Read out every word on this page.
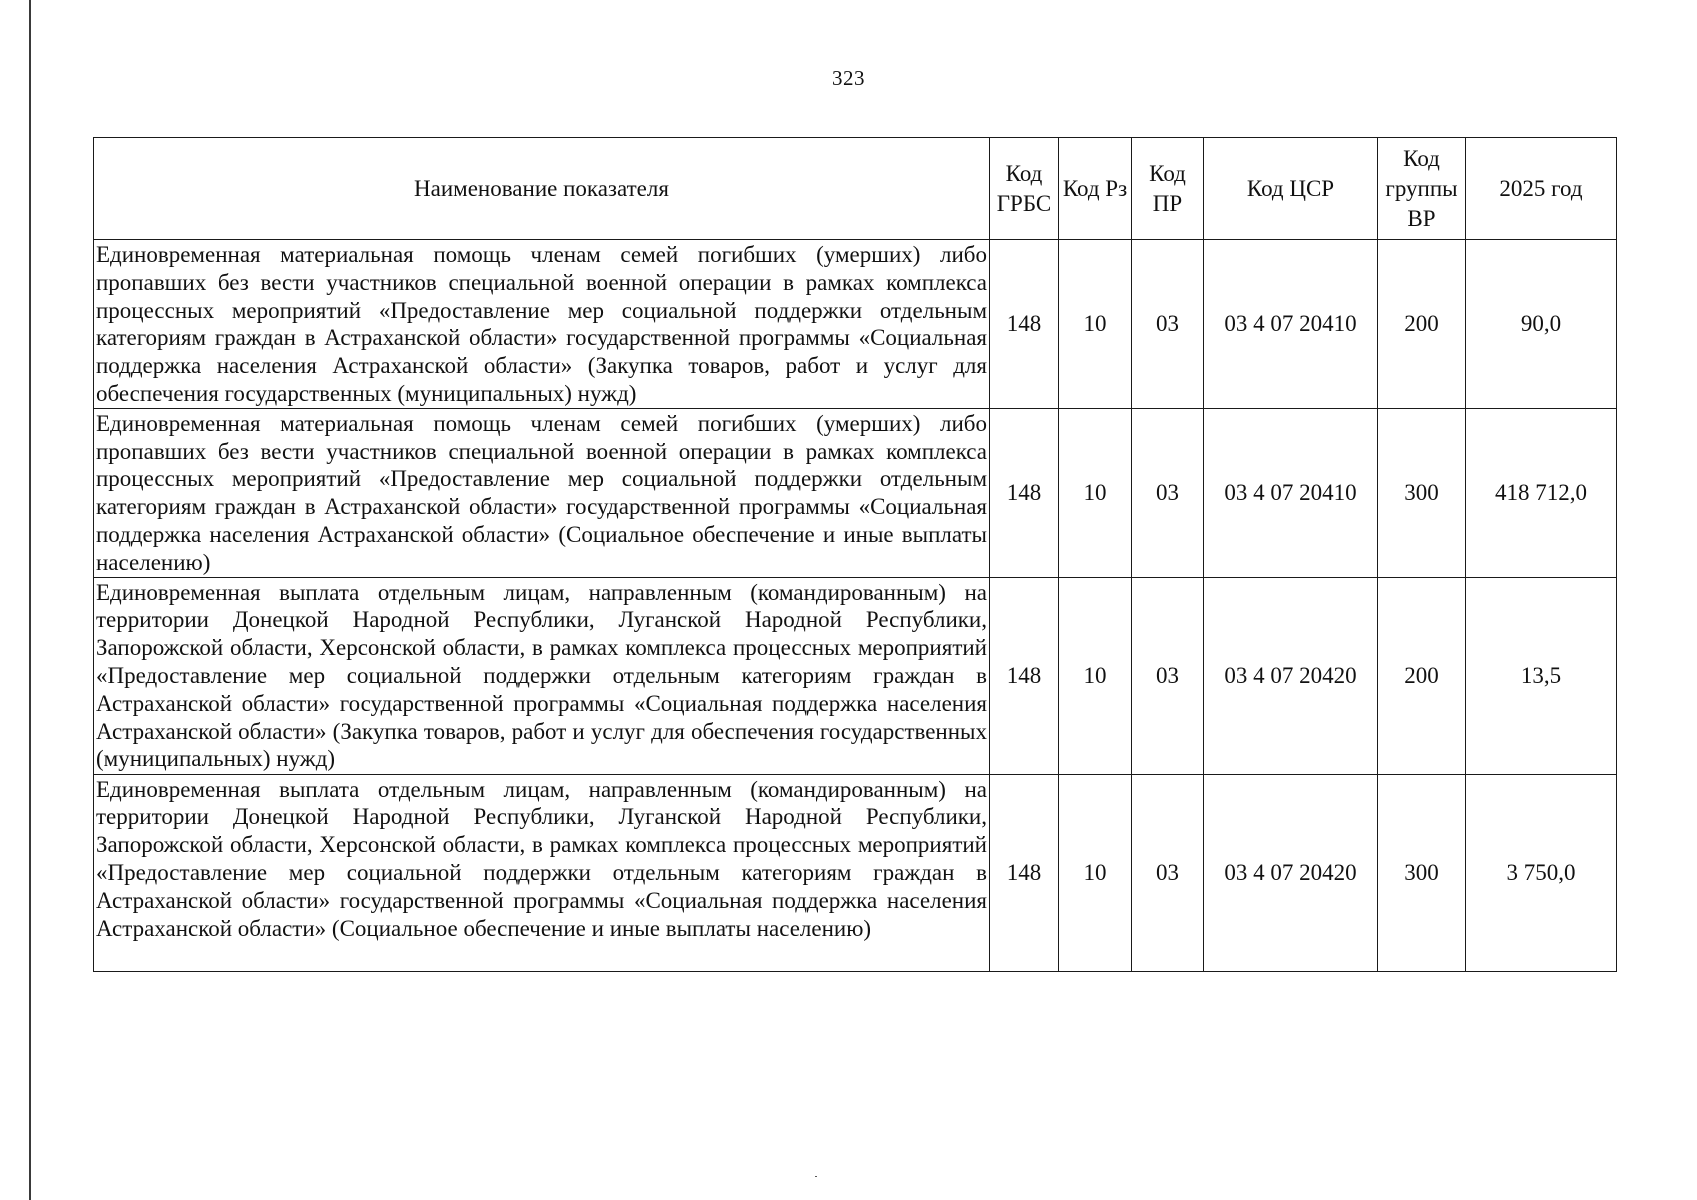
323
Наименование показателя	Код ГРБС	Код Рз	Код ПР	Код ЦСР	Код группы ВР	2025 год
Единовременная материальная помощь членам семей погибших (умерших) либо пропавших без вести участников специальной военной операции в рамках комплекса процессных мероприятий «Предоставление мер социальной поддержки отдельным категориям граждан в Астраханской области» государственной программы «Социальная поддержка населения Астраханской области» (Закупка товаров, работ и услуг для обеспечения государственных (муниципальных) нужд)	148	10	03	03 4 07 20410	200	90,0
Единовременная материальная помощь членам семей погибших (умерших) либо пропавших без вести участников специальной военной операции в рамках комплекса процессных мероприятий «Предоставление мер социальной поддержки отдельным категориям граждан в Астраханской области» государственной программы «Социальная поддержка населения Астраханской области» (Социальное обеспечение и иные выплаты населению)	148	10	03	03 4 07 20410	300	418 712,0
Единовременная выплата отдельным лицам, направленным (командированным) на территории Донецкой Народной Республики, Луганской Народной Республики, Запорожской области, Херсонской области, в рамках комплекса процессных мероприятий «Предоставление мер социальной поддержки отдельным категориям граждан в Астраханской области» государственной программы «Социальная поддержка населения Астраханской области» (Закупка товаров, работ и услуг для обеспечения государственных (муниципальных) нужд)	148	10	03	03 4 07 20420	200	13,5
Единовременная выплата отдельным лицам, направленным (командированным) на территории Донецкой Народной Республики, Луганской Народной Республики, Запорожской области, Херсонской области, в рамках комплекса процессных мероприятий «Предоставление мер социальной поддержки отдельным категориям граждан в Астраханской области» государственной программы «Социальная поддержка населения Астраханской области» (Социальное обеспечение и иные выплаты населению)	148	10	03	03 4 07 20420	300	3 750,0
